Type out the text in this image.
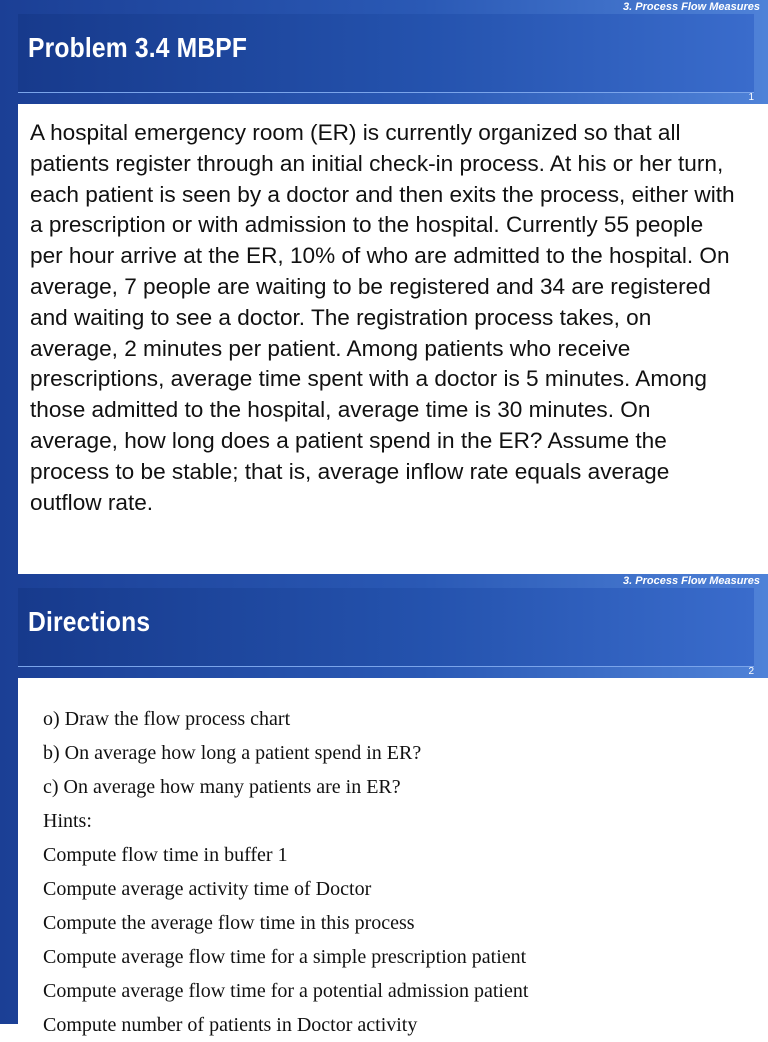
3. Process Flow Measures
Problem 3.4 MBPF
1

A hospital emergency room (ER) is currently organized so that all patients register through an initial check-in process. At his or her turn, each patient is seen by a doctor and then exits the process, either with a prescription or with admission to the hospital. Currently 55 people per hour arrive at the ER, 10% of who are admitted to the hospital. On average, 7 people are waiting to be registered and 34 are registered and waiting to see a doctor. The registration process takes, on average, 2 minutes per patient. Among patients who receive prescriptions, average time spent with a doctor is 5 minutes. Among those admitted to the hospital, average time is 30 minutes. On average, how long does a patient spend in the ER? Assume the process to be stable; that is, average inflow rate equals average outflow rate.

3. Process Flow Measures
Directions
2
o) Draw the flow process chart
b) On average how long a patient spend in ER?
c) On average how many patients are in ER?
Hints:
Compute flow time in buffer 1
Compute average activity time of Doctor
Compute the average flow time in this process
Compute average flow time for a simple prescription patient
Compute average flow time for a potential admission patient
Compute number of patients in Doctor activity
